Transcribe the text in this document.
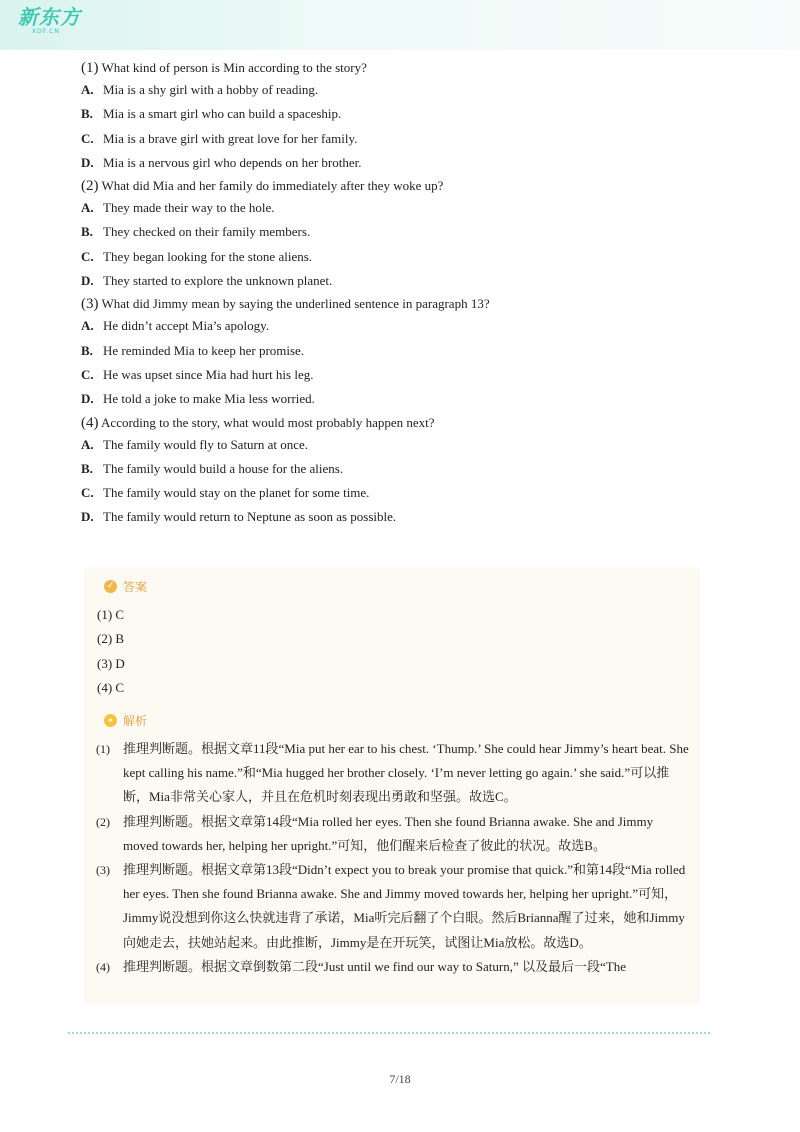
新东方
XDF.CN
(1) What kind of person is Min according to the story?
A. Mia is a shy girl with a hobby of reading.
B. Mia is a smart girl who can build a spaceship.
C. Mia is a brave girl with great love for her family.
D. Mia is a nervous girl who depends on her brother.
(2) What did Mia and her family do immediately after they woke up?
A. They made their way to the hole.
B. They checked on their family members.
C. They began looking for the stone aliens.
D. They started to explore the unknown planet.
(3) What did Jimmy mean by saying the underlined sentence in paragraph 13?
A. He didn’t accept Mia’s apology.
B. He reminded Mia to keep her promise.
C. He was upset since Mia had hurt his leg.
D. He told a joke to make Mia less worried.
(4) According to the story, what would most probably happen next?
A. The family would fly to Saturn at once.
B. The family would build a house for the aliens.
C. The family would stay on the planet for some time.
D. The family would return to Neptune as soon as possible.
✓ 答案
(1) C
(2) B
(3) D
(4) C
✦ 解析
(1) 推理判断题。根据文章11段“Mia put her ear to his chest. ‘Thump.’ She could hear Jimmy’s heart beat. She kept calling his name.”和“Mia hugged her brother closely. ‘I’m never letting go again.’ she said.”可以推断，Mia非常关心家人，并且在危机时刻表现出勇敢和坚强。故选C。
(2) 推理判断题。根据文章第14段“Mia rolled her eyes. Then she found Brianna awake. She and Jimmy moved towards her, helping her upright.”可知，他们醒来后检查了彼此的状况。故选B。
(3) 推理判断题。根据文章第13段“Didn’t expect you to break your promise that quick.”和第14段“Mia rolled her eyes. Then she found Brianna awake. She and Jimmy moved towards her, helping her upright.”可知，Jimmy说没想到你这么快就违背了承诺，Mia听完后翻了个白眼。然后Brianna醒了过来，她和Jimmy向她走去，扶她站起来。由此推断，Jimmy是在开玩笑，试图让Mia放松。故选D。
(4) 推理判断题。根据文章倒数第二段“Just until we find our way to Saturn,” 以及最后一段“The
7/18
